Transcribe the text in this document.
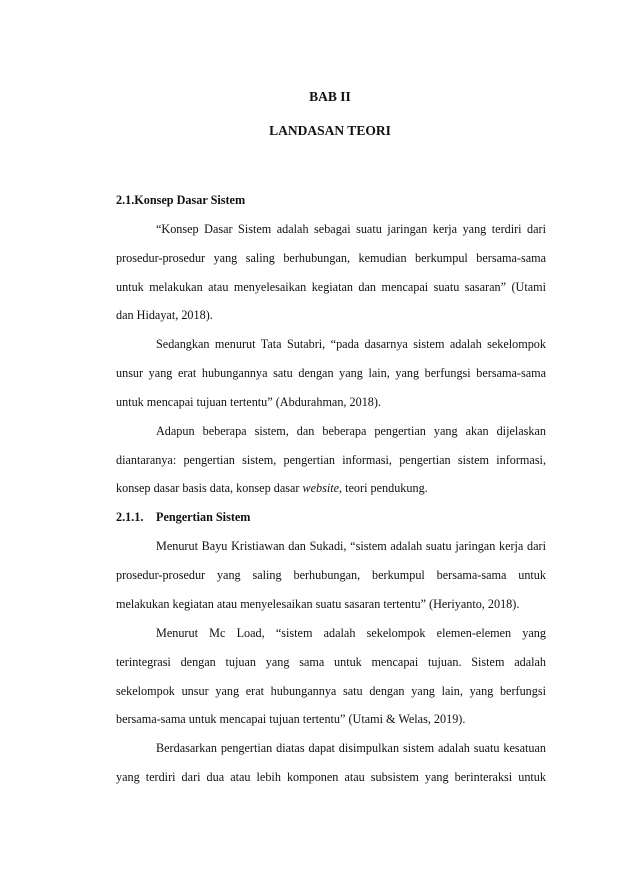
BAB II
LANDASAN TEORI
2.1.Konsep Dasar Sistem
“Konsep Dasar Sistem adalah sebagai suatu jaringan kerja yang terdiri dari
prosedur-prosedur yang saling berhubungan, kemudian berkumpul bersama-sama
untuk melakukan atau menyelesaikan kegiatan dan mencapai suatu sasaran” (Utami
dan Hidayat, 2018).
Sedangkan menurut Tata Sutabri, “pada dasarnya sistem adalah sekelompok
unsur yang erat hubungannya satu dengan yang lain, yang berfungsi bersama-sama
untuk mencapai tujuan tertentu” (Abdurahman, 2018).
Adapun beberapa sistem, dan beberapa pengertian yang akan dijelaskan
diantaranya: pengertian sistem, pengertian informasi, pengertian sistem informasi,
konsep dasar basis data, konsep dasar website, teori pendukung.
2.1.1. Pengertian Sistem
Menurut Bayu Kristiawan dan Sukadi, “sistem adalah suatu jaringan kerja dari
prosedur-prosedur yang saling berhubungan, berkumpul bersama-sama untuk
melakukan kegiatan atau menyelesaikan suatu sasaran tertentu” (Heriyanto, 2018).
Menurut Mc Load, “sistem adalah sekelompok elemen-elemen yang
terintegrasi dengan tujuan yang sama untuk mencapai tujuan. Sistem adalah
sekelompok unsur yang erat hubungannya satu dengan yang lain, yang berfungsi
bersama-sama untuk mencapai tujuan tertentu” (Utami & Welas, 2019).
Berdasarkan pengertian diatas dapat disimpulkan sistem adalah suatu kesatuan
yang terdiri dari dua atau lebih komponen atau subsistem yang berinteraksi untuk
